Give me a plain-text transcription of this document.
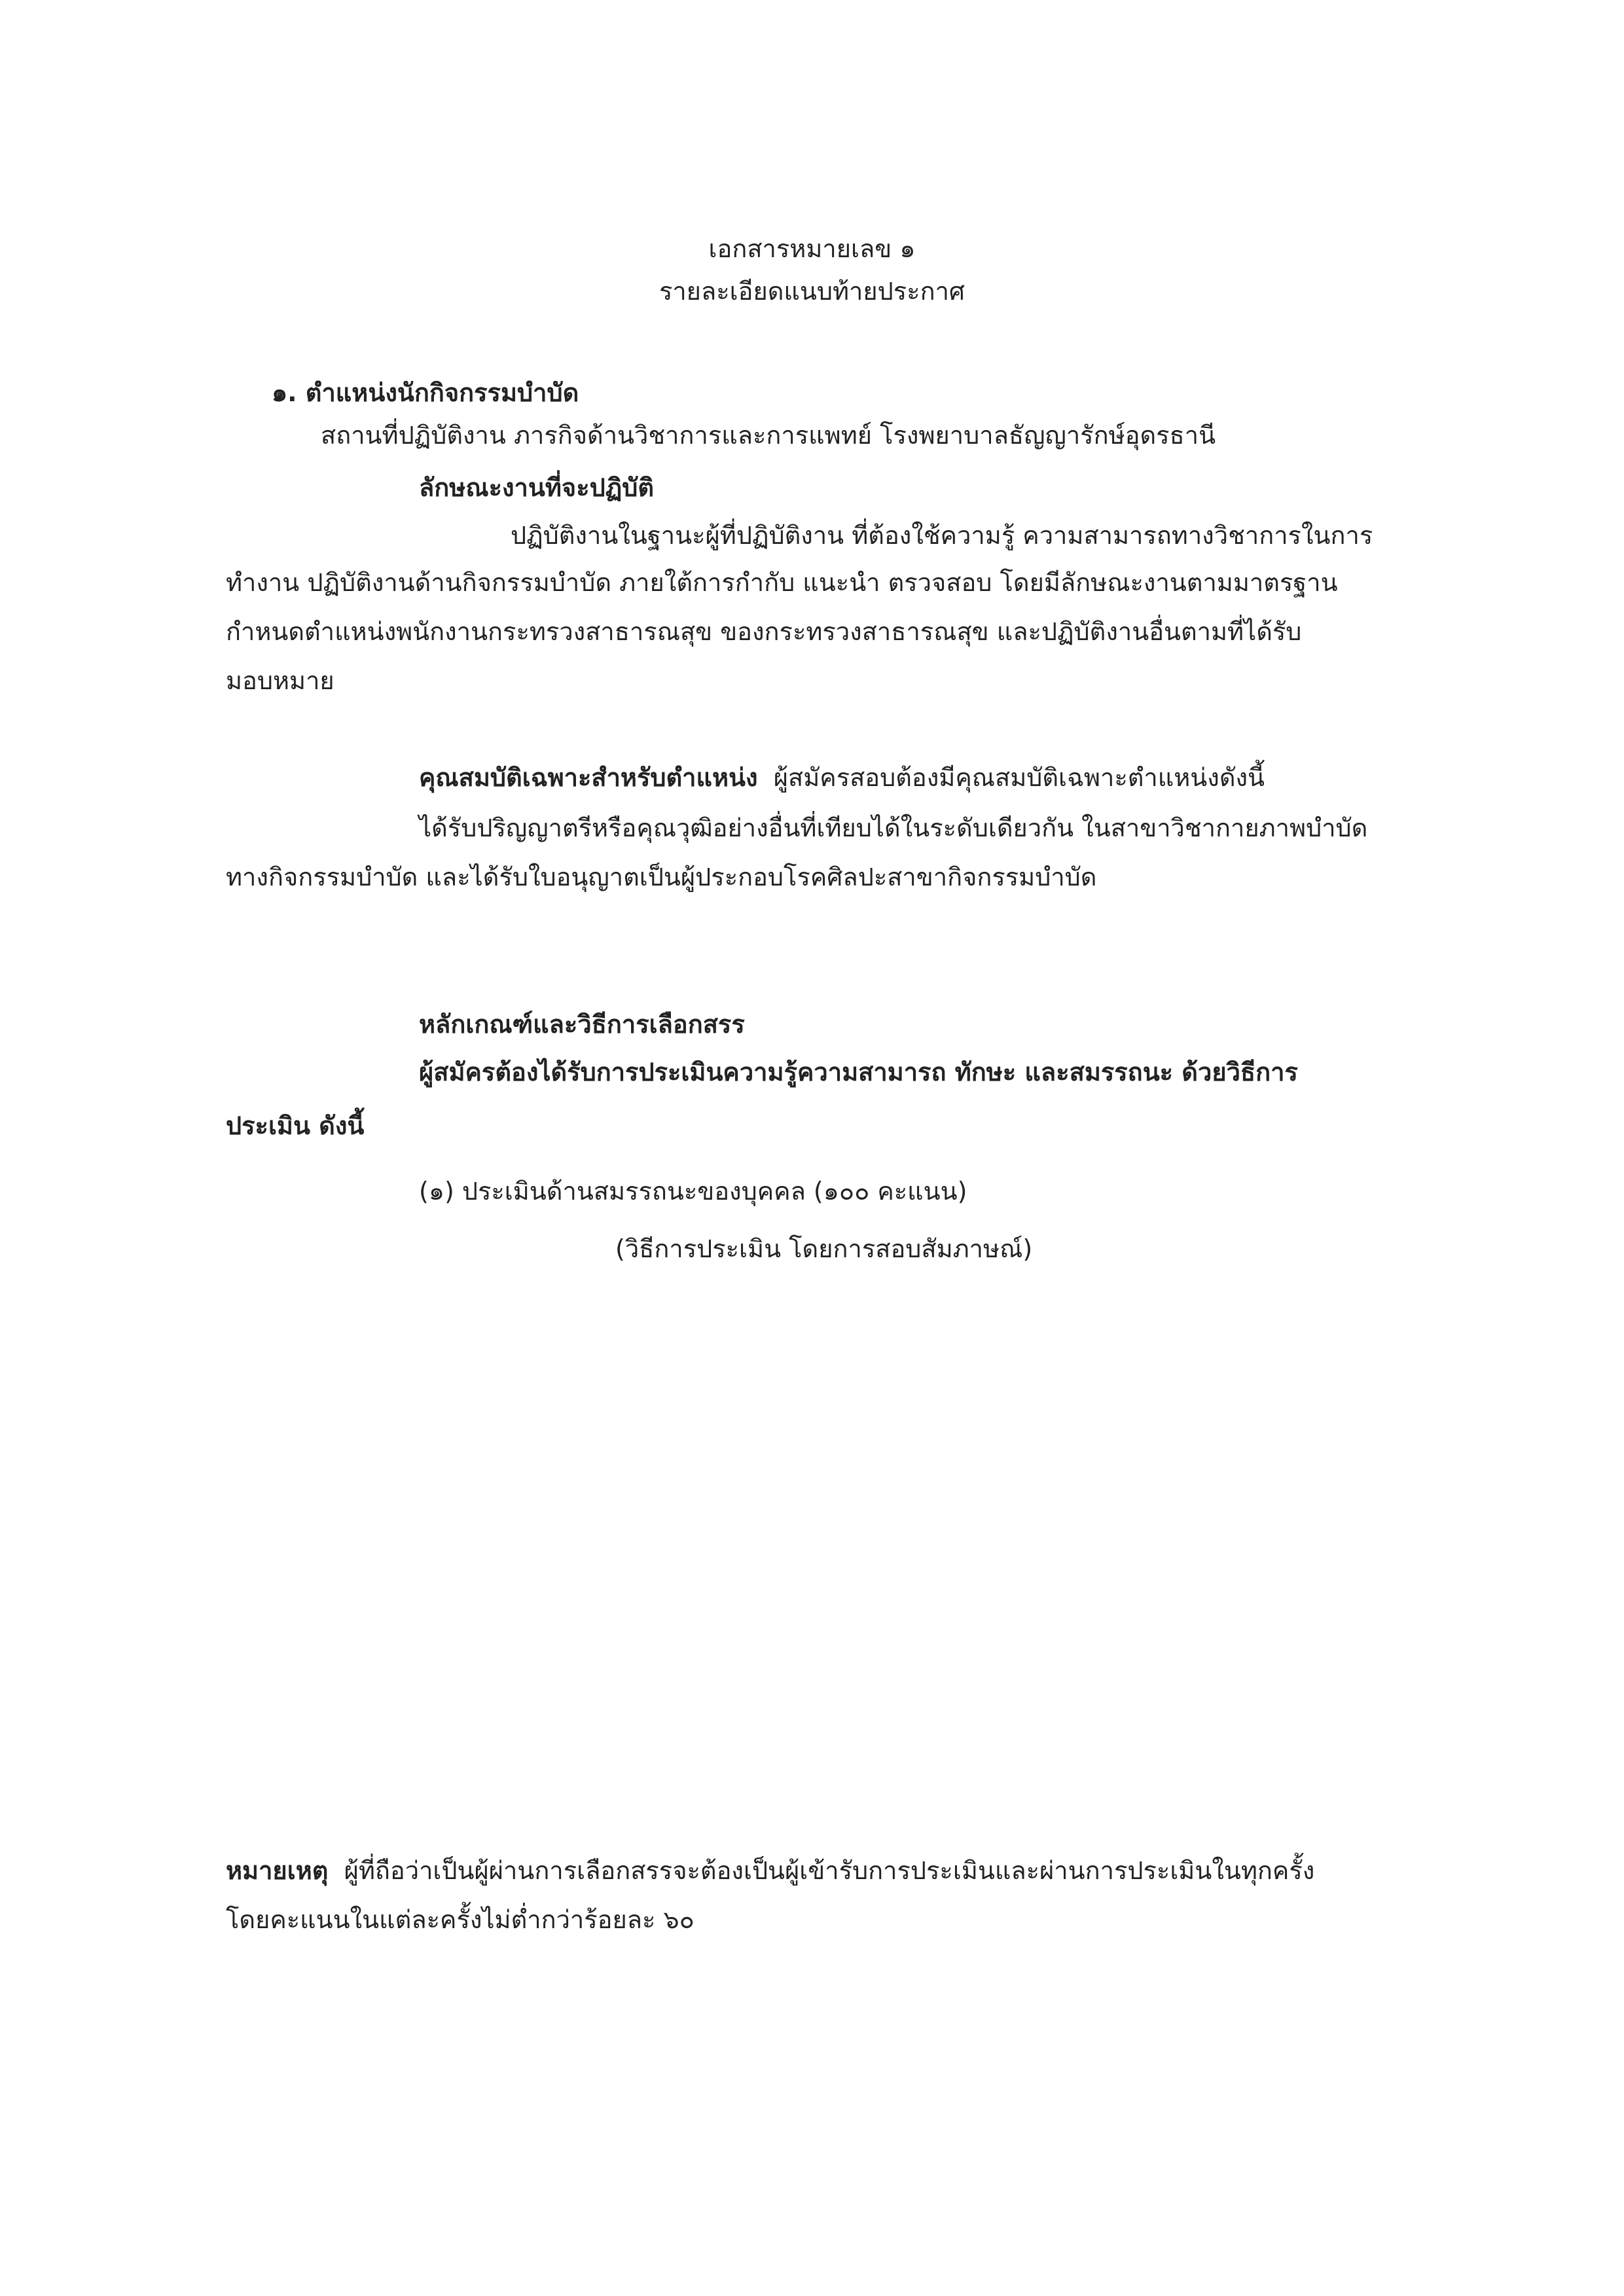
เอกสารหมายเลข ๑
รายละเอียดแนบท้ายประกาศ
๑. ตำแหน่งนักกิจกรรมบำบัด
สถานที่ปฏิบัติงาน ภารกิจด้านวิชาการและการแพทย์ โรงพยาบาลธัญญารักษ์อุดรธานี
ลักษณะงานที่จะปฏิบัติ
ปฏิบัติงานในฐานะผู้ที่ปฏิบัติงาน ที่ต้องใช้ความรู้ ความสามารถทางวิชาการในการ
ทำงาน ปฏิบัติงานด้านกิจกรรมบำบัด ภายใต้การกำกับ แนะนำ ตรวจสอบ โดยมีลักษณะงานตามมาตรฐาน
กำหนดตำแหน่งพนักงานกระทรวงสาธารณสุข ของกระทรวงสาธารณสุข และปฏิบัติงานอื่นตามที่ได้รับ
มอบหมาย
คุณสมบัติเฉพาะสำหรับตำแหน่ง ผู้สมัครสอบต้องมีคุณสมบัติเฉพาะตำแหน่งดังนี้
ได้รับปริญญาตรีหรือคุณวุฒิอย่างอื่นที่เทียบได้ในระดับเดียวกัน ในสาขาวิชากายภาพบำบัด
ทางกิจกรรมบำบัด และได้รับใบอนุญาตเป็นผู้ประกอบโรคศิลปะสาขากิจกรรมบำบัด
หลักเกณฑ์และวิธีการเลือกสรร
ผู้สมัครต้องได้รับการประเมินความรู้ความสามารถ ทักษะ และสมรรถนะ ด้วยวิธีการ
ประเมิน ดังนี้
(๑) ประเมินด้านสมรรถนะของบุคคล (๑๐๐ คะแนน)
(วิธีการประเมิน โดยการสอบสัมภาษณ์)
หมายเหตุ ผู้ที่ถือว่าเป็นผู้ผ่านการเลือกสรรจะต้องเป็นผู้เข้ารับการประเมินและผ่านการประเมินในทุกครั้ง
โดยคะแนนในแต่ละครั้งไม่ต่ำกว่าร้อยละ ๖๐
